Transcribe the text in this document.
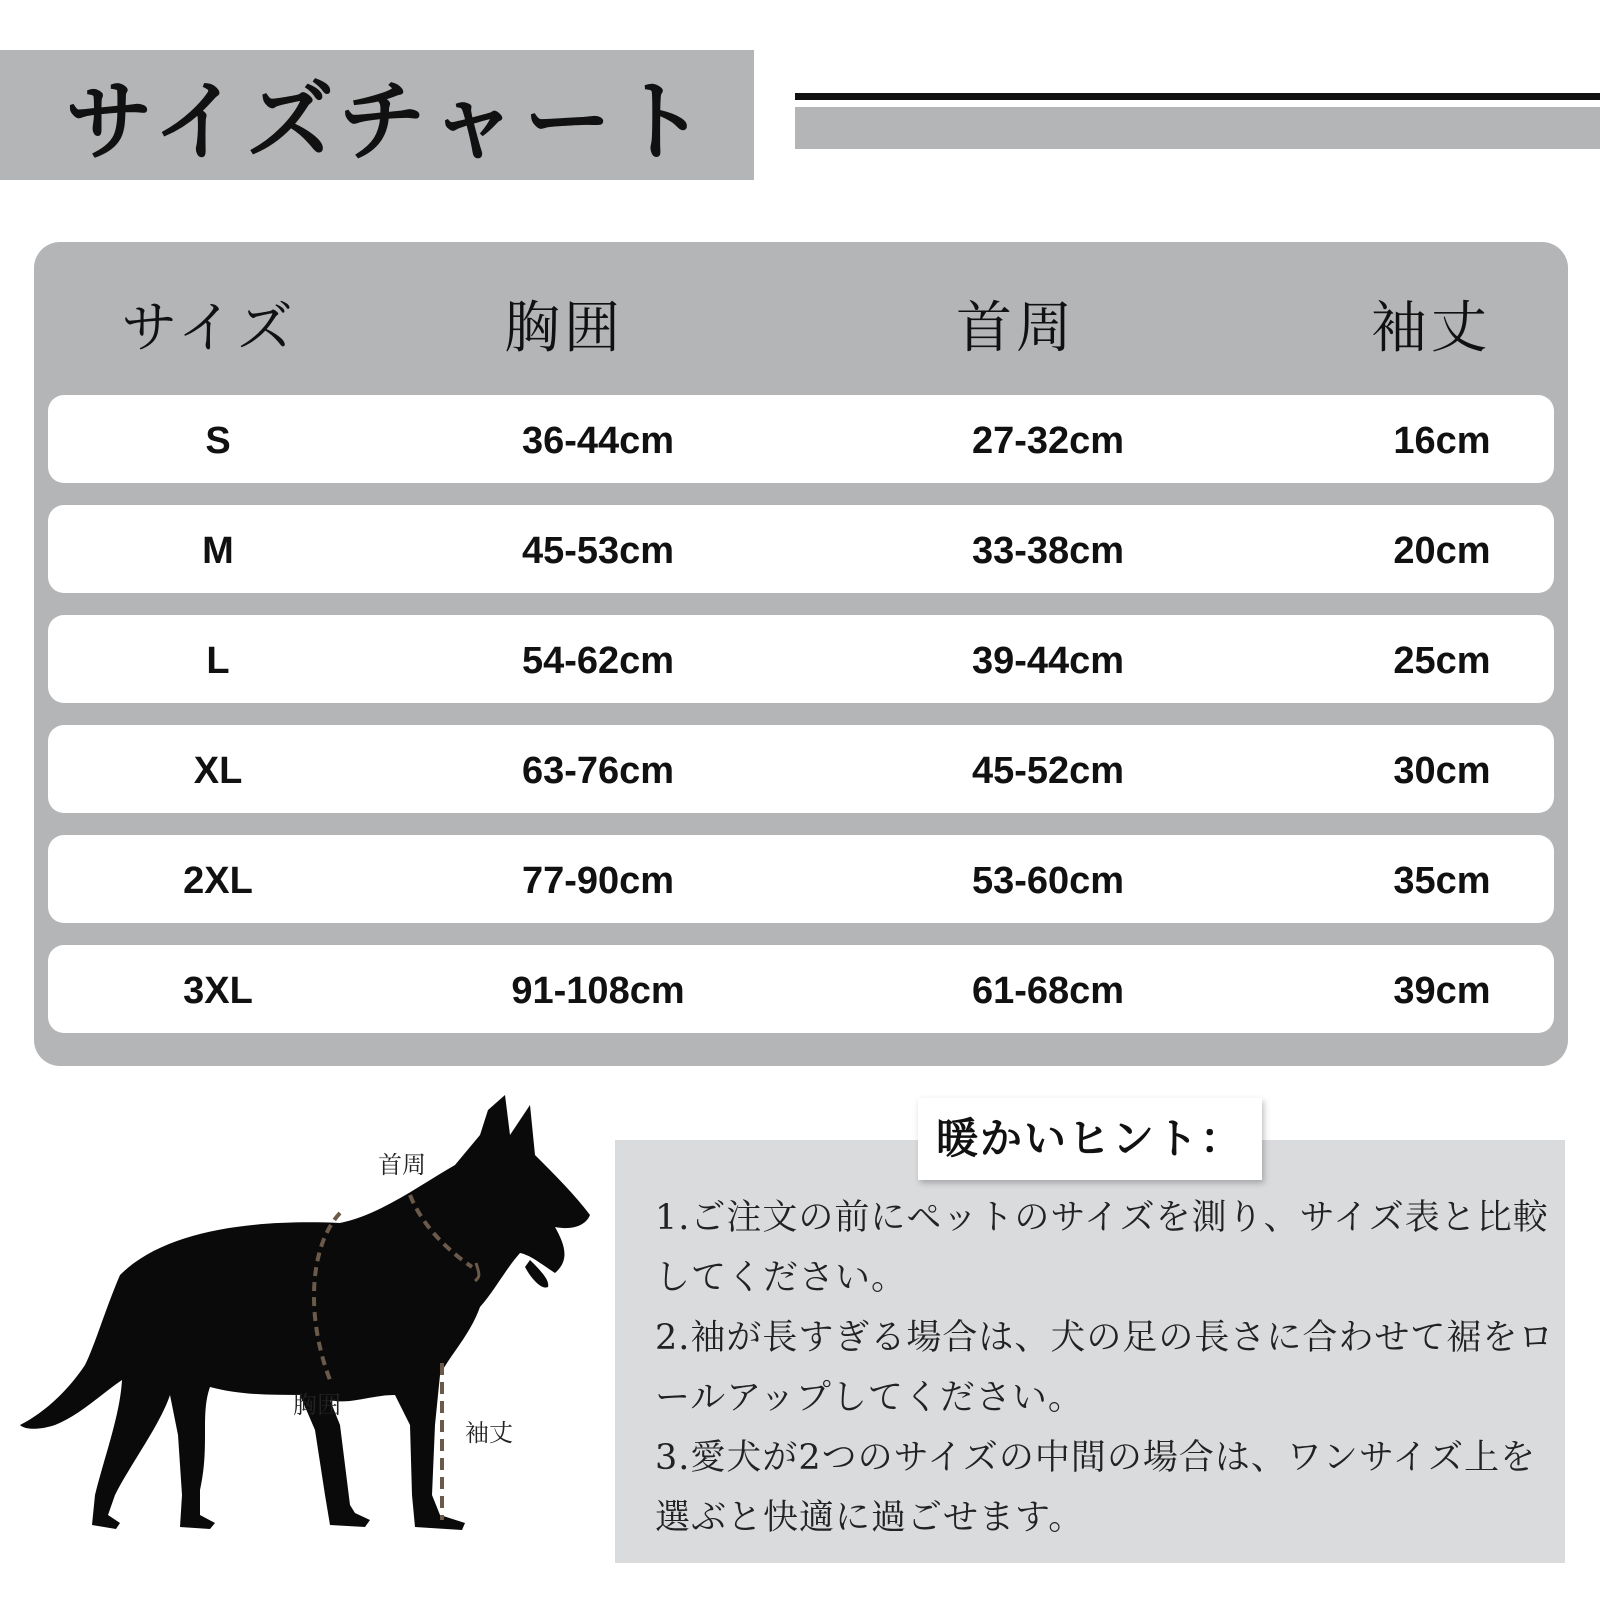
サイズチャート
サイズ	胸囲	首周	袖丈
S	36-44cm	27-32cm	16cm
M	45-53cm	33-38cm	20cm
L	54-62cm	39-44cm	25cm
XL	63-76cm	45-52cm	30cm
2XL	77-90cm	53-60cm	35cm
3XL	91-108cm	61-68cm	39cm
首周
胸囲
袖丈
暖かいヒント：

1.ご注文の前にペットのサイズを測り、サイズ表と比較してください。

2.袖が長すぎる場合は、犬の足の長さに合わせて裾をロールアップしてください。

3.愛犬が2つのサイズの中間の場合は、ワンサイズ上を選ぶと快適に過ごせます。
